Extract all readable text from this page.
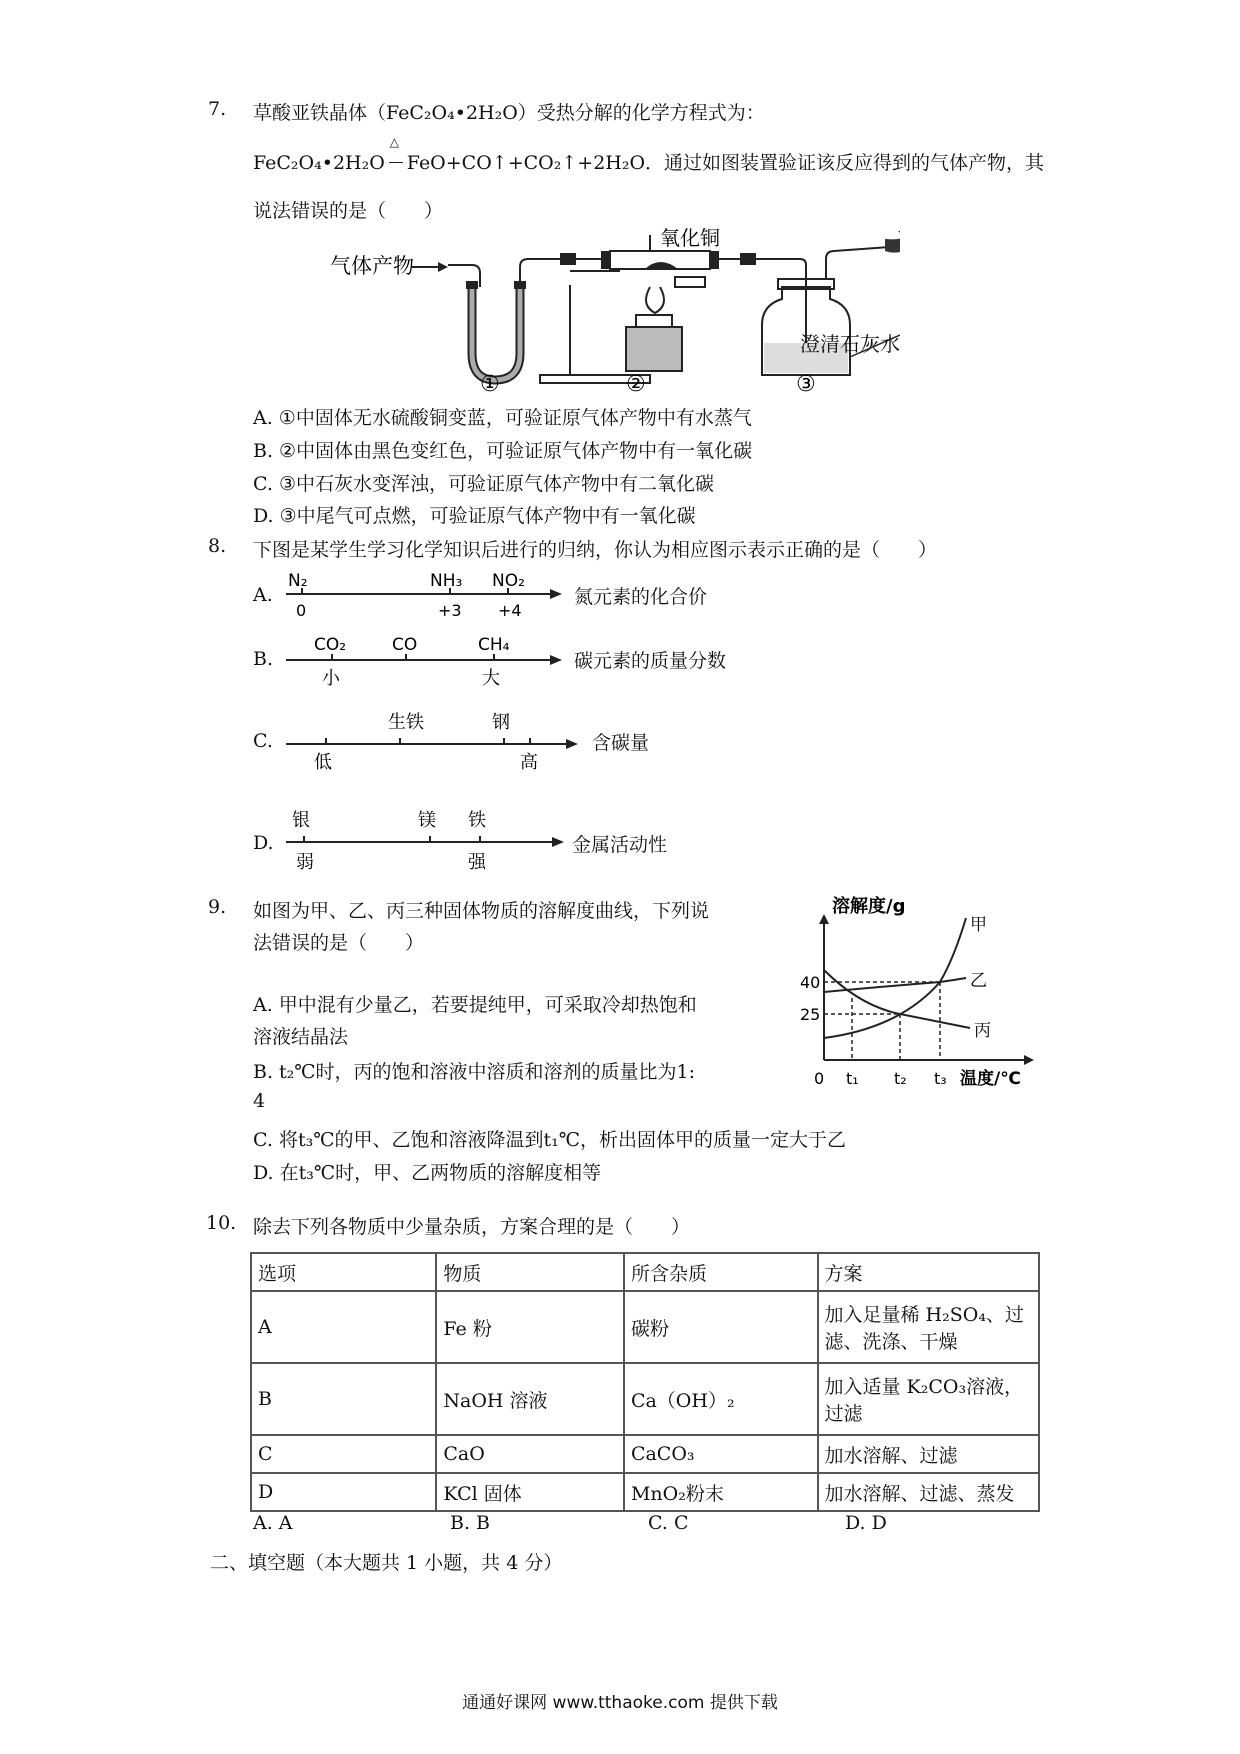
7. 草酸亚铁晶体（FeC₂O₄•2H₂O）受热分解的化学方程式为：
FeC₂O₄•2H₂O
△
FeO+CO↑+CO₂↑+2H₂O．通过如图装置验证该反应得到的气体产物，其
说法错误的是（　　）
气体产物
氧化铜
①	②	③
澄清石灰水
A. ①中固体无水硫酸铜变蓝，可验证原气体产物中有水蒸气
B. ②中固体由黑色变红色，可验证原气体产物中有一氧化碳
C. ③中石灰水变浑浊，可验证原气体产物中有二氧化碳
D. ③中尾气可点燃，可验证原气体产物中有一氧化碳
8. 下图是某学生学习化学知识后进行的归纳，你认为相应图示表示正确的是（　　）
A.
N₂	NH₃ NO₂
0	+3 +4
氮元素的化合价
B.
CO₂	CO	CH₄
小	大
碳元素的质量分数
C.
生铁	钢
低	高
含碳量
D.
银	镁 铁
弱	强
金属活动性
9. 如图为甲、乙、丙三种固体物质的溶解度曲线，下列说
法错误的是（　　）
A. 甲中混有少量乙，若要提纯甲，可采取冷却热饱和
溶液结晶法
B. t₂℃时，丙的饱和溶液中溶质和溶剂的质量比为1:
4
C. 将t₃℃的甲、乙饱和溶液降温到t₁℃，析出固体甲的质量一定大于乙
D. 在t₃℃时，甲、乙两物质的溶解度相等
溶解度/g
40
25
0 t₁ t₂ t₃ 温度/℃
甲
乙
丙
10. 除去下列各物质中少量杂质，方案合理的是（　　）
选项	物质	所含杂质	方案
A	Fe 粉	碳粉	加入足量稀 H₂SO₄、过滤、洗涤、干燥
B	NaOH 溶液	Ca（OH）₂	加入适量 K₂CO₃溶液，过滤
C	CaO	CaCO₃	加水溶解、过滤
D	KCl 固体	MnO₂粉末	加水溶解、过滤、蒸发
A. A	B. B	C. C	D. D
二、填空题（本大题共 1 小题，共 4 分）
通通好课网 www.tthaoke.com 提供下载
